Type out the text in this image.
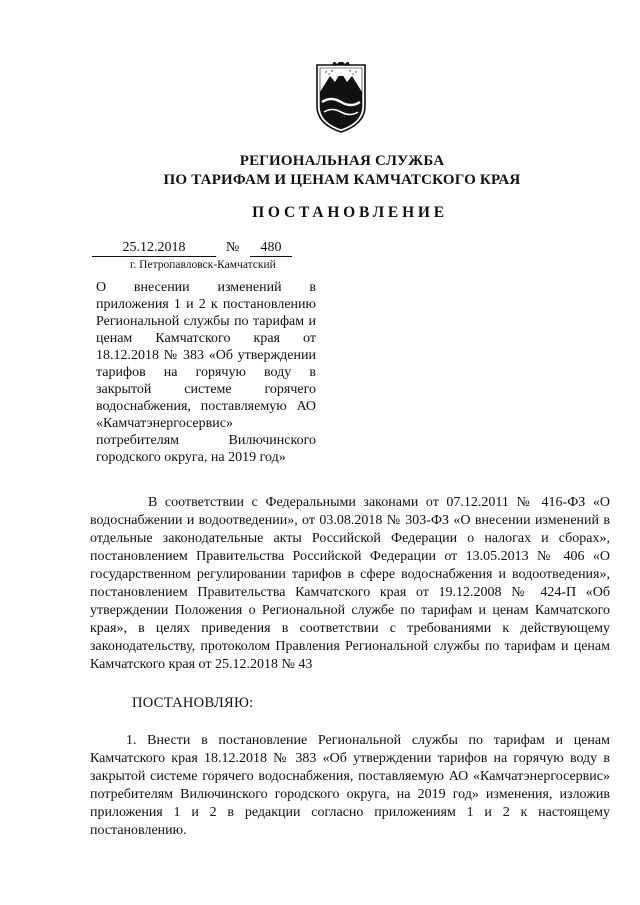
РЕГИОНАЛЬНАЯ СЛУЖБА
ПО ТАРИФАМ И ЦЕНАМ КАМЧАТСКОГО КРАЯ
ПОСТАНОВЛЕНИЕ
25.12.2018	№	480
г. Петропавловск-Камчатский
О внесении изменений в приложения 1 и 2 к постановлению Региональной службы по тарифам и ценам Камчатского края от 18.12.2018 № 383 «Об утверждении тарифов на горячую воду в закрытой системе горячего водоснабжения, поставляемую АО «Камчатэнергосервис» потребителям Вилючинского городского округа, на 2019 год»

В соответствии с Федеральными законами от 07.12.2011 № 416-ФЗ «О водоснабжении и водоотведении», от 03.08.2018 № 303-ФЗ «О внесении изменений в отдельные законодательные акты Российской Федерации о налогах и сборах», постановлением Правительства Российской Федерации от 13.05.2013 № 406 «О государственном регулировании тарифов в сфере водоснабжения и водоотведения», постановлением Правительства Камчатского края от 19.12.2008 № 424-П «Об утверждении Положения о Региональной службе по тарифам и ценам Камчатского края», в целях приведения в соответствии с требованиями к действующему законодательству, протоколом Правления Региональной службы по тарифам и ценам Камчатского края от 25.12.2018 № 43

ПОСТАНОВЛЯЮ:

1. Внести в постановление Региональной службы по тарифам и ценам Камчатского края 18.12.2018 № 383 «Об утверждении тарифов на горячую воду в закрытой системе горячего водоснабжения, поставляемую АО «Камчатэнергосервис» потребителям Вилючинского городского округа, на 2019 год» изменения, изложив приложения 1 и 2 в редакции согласно приложениям 1 и 2 к настоящему постановлению.
